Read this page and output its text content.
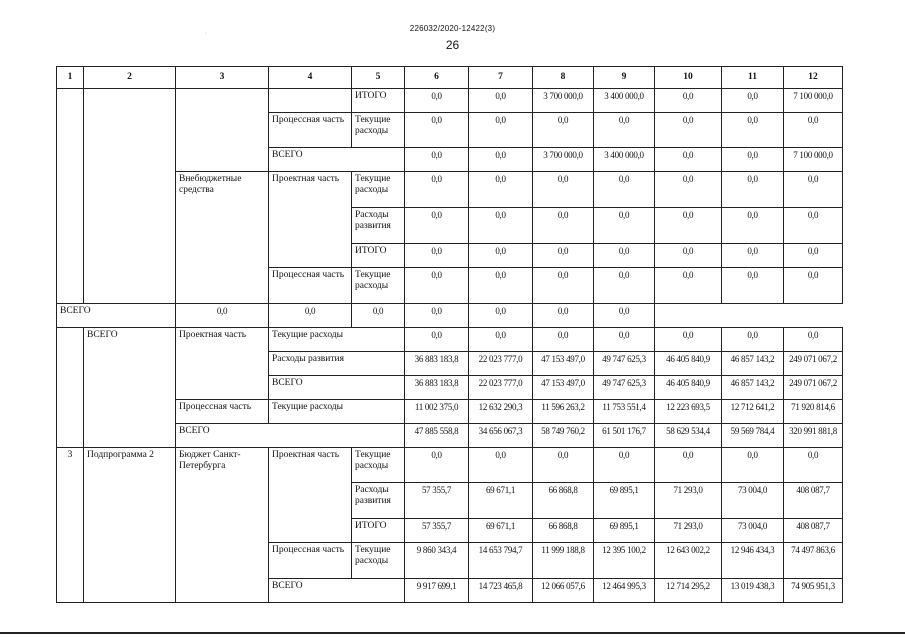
226032/2020-12422(3)
·
26
1	2	3	4	5	6	7	8	9	10	11	12
				ИТОГО	0,0	0,0	3 700 000,0	3 400 000,0	0,0	0,0	7 100 000,0
			Процессная часть	Текущие расходы	0,0	0,0	0,0	0,0	0,0	0,0	0,0
			ВСЕГО		0,0	0,0	3 700 000,0	3 400 000,0	0,0	0,0	7 100 000,0
		Внебюджетные средства	Проектная часть	Текущие расходы	0,0	0,0	0,0	0,0	0,0	0,0	0,0
				Расходы развития	0,0	0,0	0,0	0,0	0,0	0,0	0,0
				ИТОГО	0,0	0,0	0,0	0,0	0,0	0,0	0,0
			Процессная часть	Текущие расходы	0,0	0,0	0,0	0,0	0,0	0,0	0,0
ВСЕГО		0,0	0,0	0,0	0,0	0,0	0,0	0,0			
	ВСЕГО	Проектная часть	Текущие расходы		0,0	0,0	0,0	0,0	0,0	0,0	0,0
			Расходы развития		36 883 183,8	22 023 777,0	47 153 497,0	49 747 625,3	46 405 840,9	46 857 143,2	249 071 067,2
			ВСЕГО		36 883 183,8	22 023 777,0	47 153 497,0	49 747 625,3	46 405 840,9	46 857 143,2	249 071 067,2
		Процессная часть	Текущие расходы		11 002 375,0	12 632 290,3	11 596 263,2	11 753 551,4	12 223 693,5	12 712 641,2	71 920 814,6
		ВСЕГО			47 885 558,8	34 656 067,3	58 749 760,2	61 501 176,7	58 629 534,4	59 569 784,4	320 991 881,8
3	Подпрограмма 2	Бюджет Санкт-Петербурга	Проектная часть	Текущие расходы	0,0	0,0	0,0	0,0	0,0	0,0	0,0
				Расходы развития	57 355,7	69 671,1	66 868,8	69 895,1	71 293,0	73 004,0	408 087,7
				ИТОГО	57 355,7	69 671,1	66 868,8	69 895,1	71 293,0	73 004,0	408 087,7
			Процессная часть	Текущие расходы	9 860 343,4	14 653 794,7	11 999 188,8	12 395 100,2	12 643 002,2	12 946 434,3	74 497 863,6
			ВСЕГО		9 917 699,1	14 723 465,8	12 066 057,6	12 464 995,3	12 714 295,2	13 019 438,3	74 905 951,3
